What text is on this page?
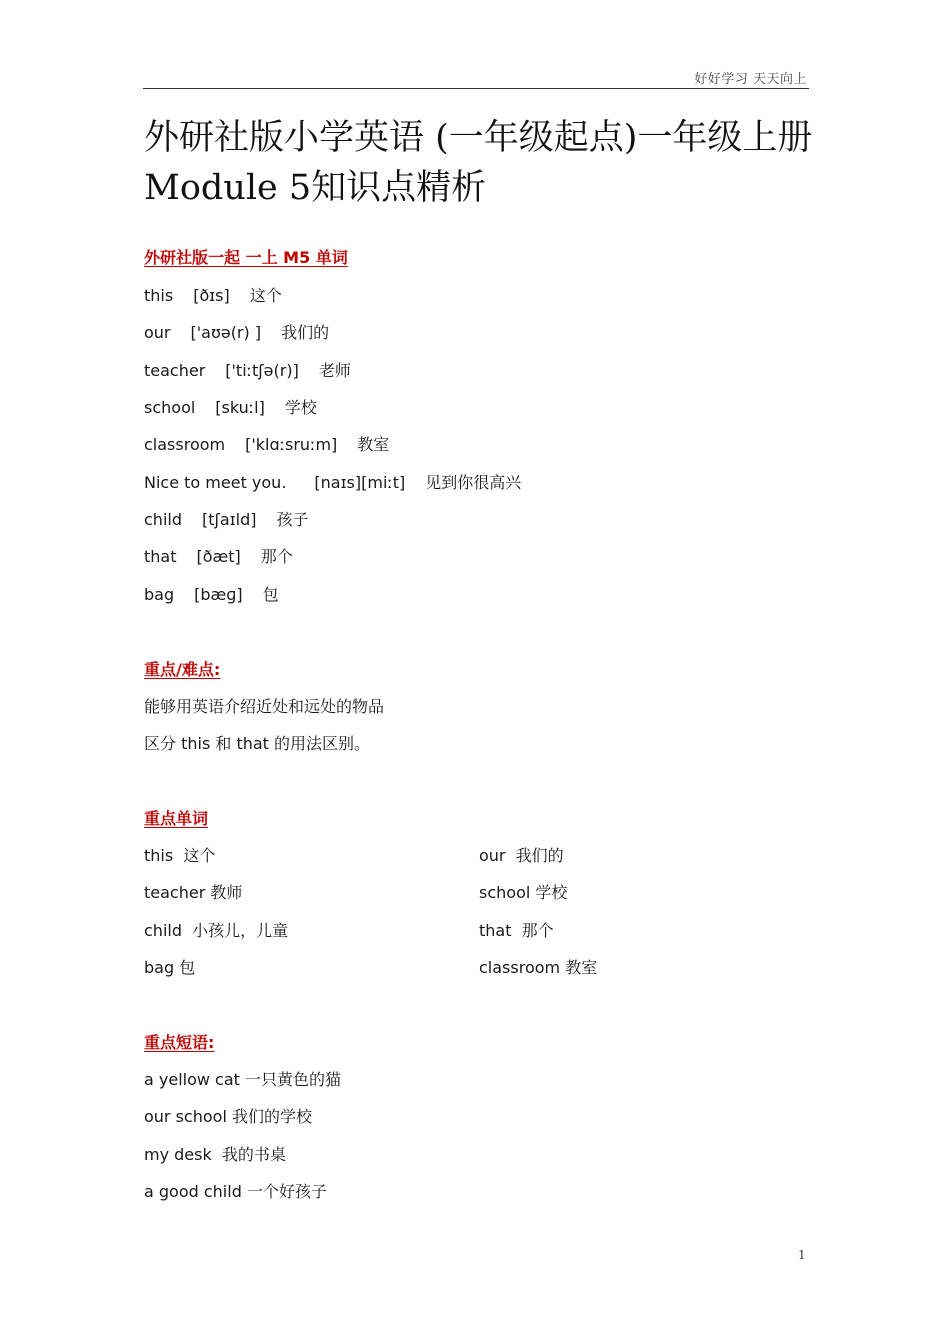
好好学习 天天向上
外研社版小学英语 (一年级起点)一年级上册Module 5知识点精析
外研社版一起 一上 M5 单词
this [ðɪs] 这个
our ['aʊə(r) ] 我们的
teacher ['tiːtʃə(r)] 老师
school [skuːl] 学校
classroom ['klɑːsruːm] 教室
Nice to meet you. [naɪs][miːt] 见到你很高兴
child [tʃaɪld] 孩子
that [ðæt] 那个
bag [bæɡ] 包
重点/难点:
能够用英语介绍近处和远处的物品
区分 this 和 that 的用法区别。
重点单词
this  这个	our  我们的
teacher 教师	school 学校
child  小孩儿，儿童	that  那个
bag 包	classroom 教室
重点短语:
a yellow cat 一只黄色的猫
our school 我们的学校
my desk  我的书桌
a good child 一个好孩子
1
